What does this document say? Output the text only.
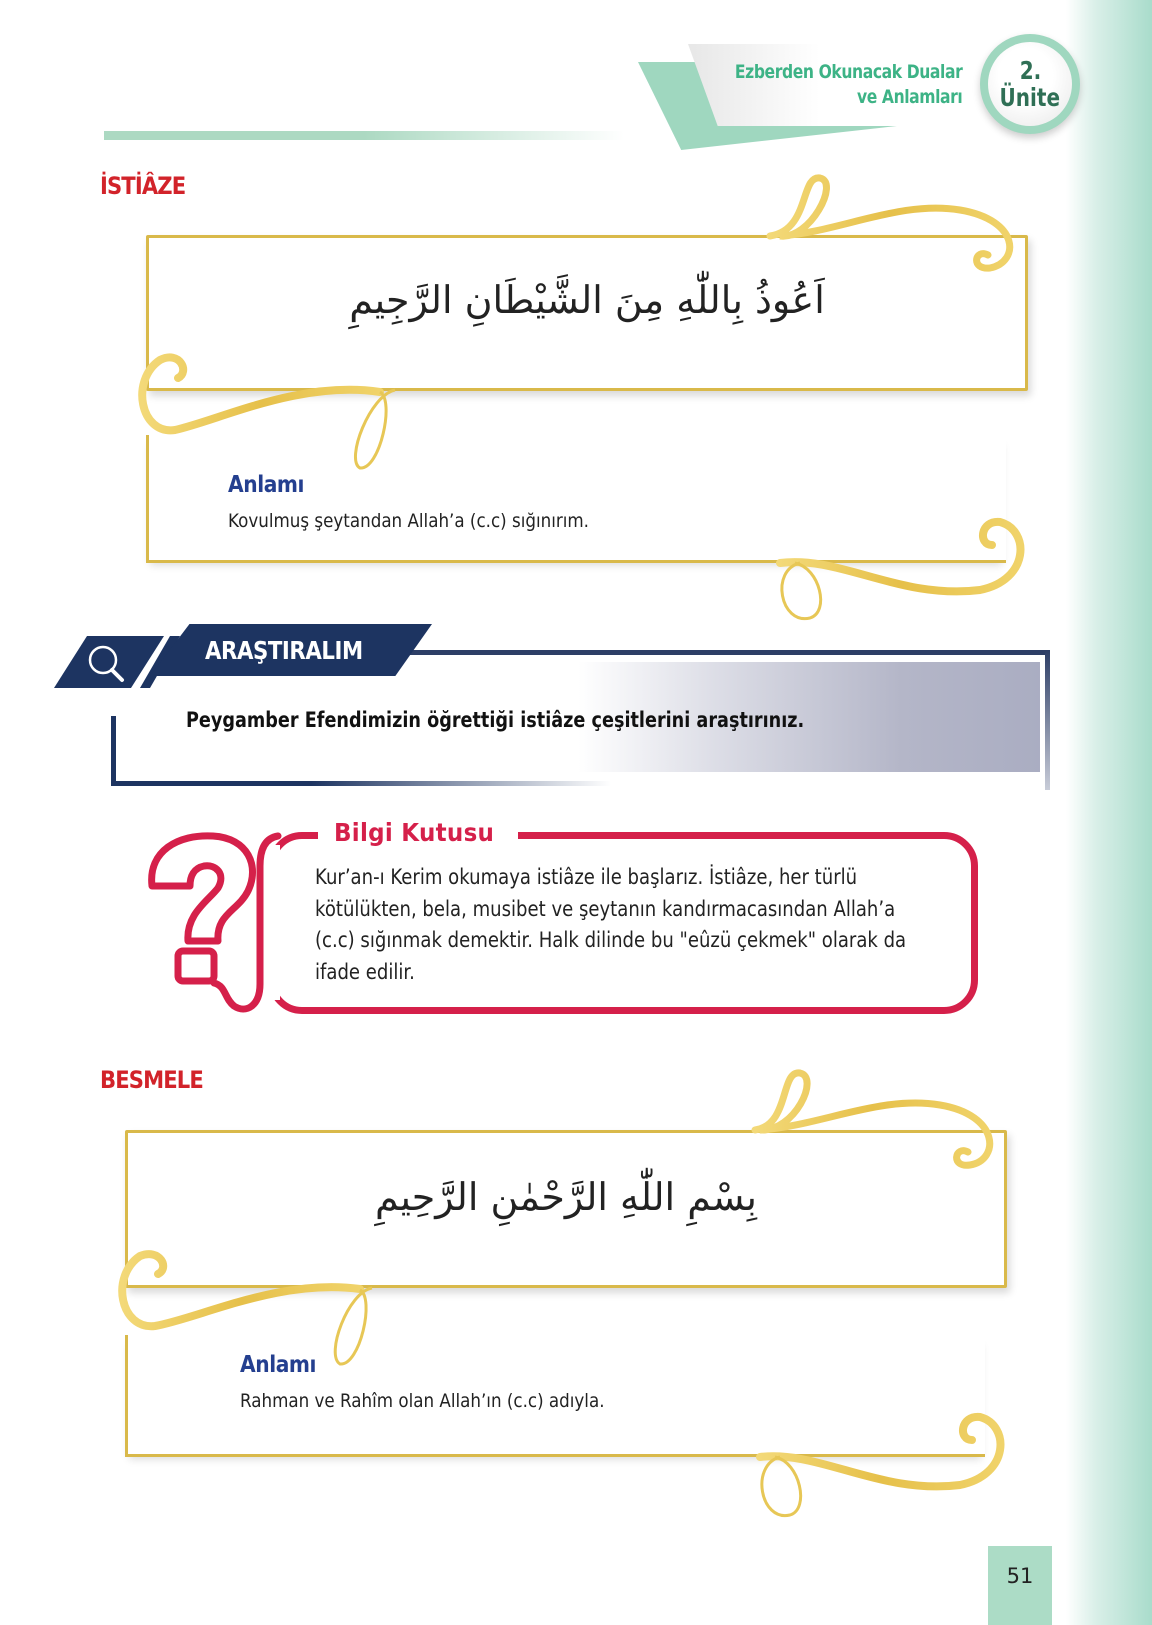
Ezberden Okunacak Dualar
ve Anlamları
2.
Ünite
İSTİÂZE
اَعُوذُ بِاللّٰهِ مِنَ الشَّيْطَانِ الرَّجِيمِ
Anlamı
Kovulmuş şeytandan Allah’a (c.c) sığınırım.
ARAŞTIRALIM
Peygamber Efendimizin öğrettiği istiâze çeşitlerini araştırınız.
Bilgi Kutusu
Kur’an-ı Kerim okumaya istiâze ile başlarız. İstiâze, her türlü kötülükten, bela, musibet ve şeytanın kandırmacasından Allah’a (c.c) sığınmak demektir. Halk dilinde bu "eûzü çekmek" olarak da ifade edilir.
BESMELE
بِسْمِ اللّٰهِ الرَّحْمٰنِ الرَّحِيمِ
Anlamı
Rahman ve Rahîm olan Allah’ın (c.c) adıyla.
51
